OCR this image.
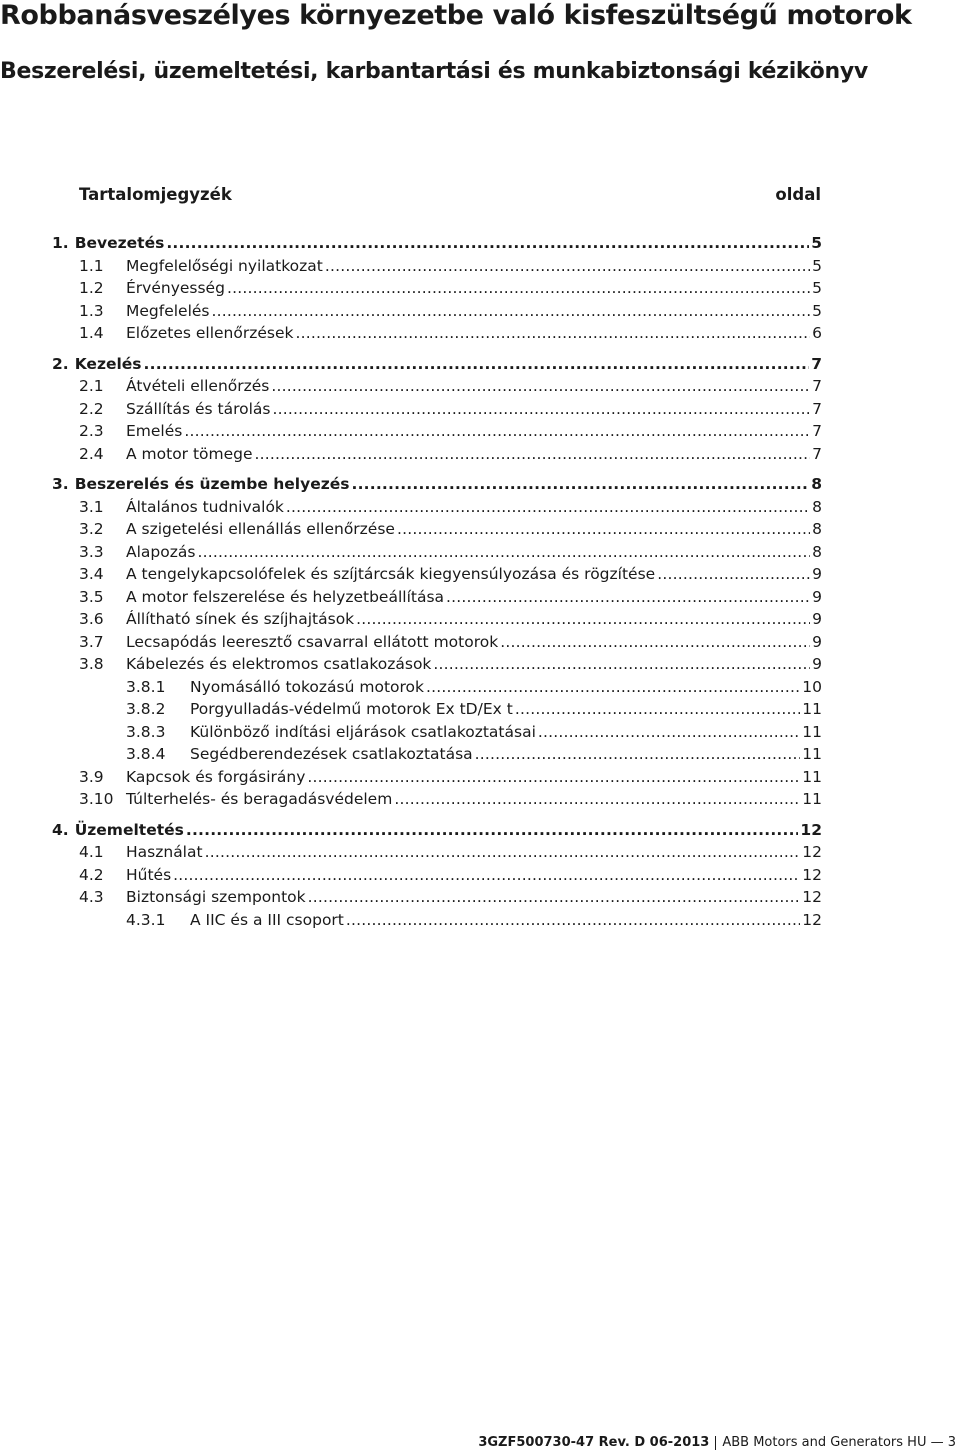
Robbanásveszélyes környezetbe való kisfeszültségű motorok
Beszerelési, üzemeltetési, karbantartási és munkabiztonsági kézikönyv
Tartalomjegyzék	oldal
1. Bevezetés .....	5
1.1	Megfelelőségi nyilatkozat .....	5
1.2	Érvényesség .....	5
1.3	Megfelelés .....	5
1.4	Előzetes ellenőrzések .....	6
2. Kezelés .....	7
2.1	Átvételi ellenőrzés .....	7
2.2	Szállítás és tárolás .....	7
2.3	Emelés .....	7
2.4	A motor tömege .....	7
3. Beszerelés és üzembe helyezés .....	8
3.1	Általános tudnivalók .....	8
3.2	A szigetelési ellenállás ellenőrzése .....	8
3.3	Alapozás .....	8
3.4	A tengelykapcsolófelek és szíjtárcsák kiegyensúlyozása és rögzítése .....	9
3.5	A motor felszerelése és helyzetbeállítása .....	9
3.6	Állítható sínek és szíjhajtások .....	9
3.7	Lecsapódás leeresztő csavarral ellátott motorok .....	9
3.8	Kábelezés és elektromos csatlakozások .....	9
3.8.1	Nyomásálló tokozású motorok .....	10
3.8.2	Porgyulladás-védelmű motorok Ex tD/Ex t .....	11
3.8.3	Különböző indítási eljárások csatlakoztatásai .....	11
3.8.4	Segédberendezések csatlakoztatása .....	11
3.9	Kapcsok és forgásirány .....	11
3.10 Túlterhelés- és beragadásvédelem .....	11
4. Üzemeltetés .....	12
4.1	Használat .....	12
4.2	Hűtés .....	12
4.3	Biztonsági szempontok .....	12
4.3.1	A IIC és a III csoport .....	12
3GZF500730-47 Rev. D 06-2013 ABB Motors and Generators HU — 3
